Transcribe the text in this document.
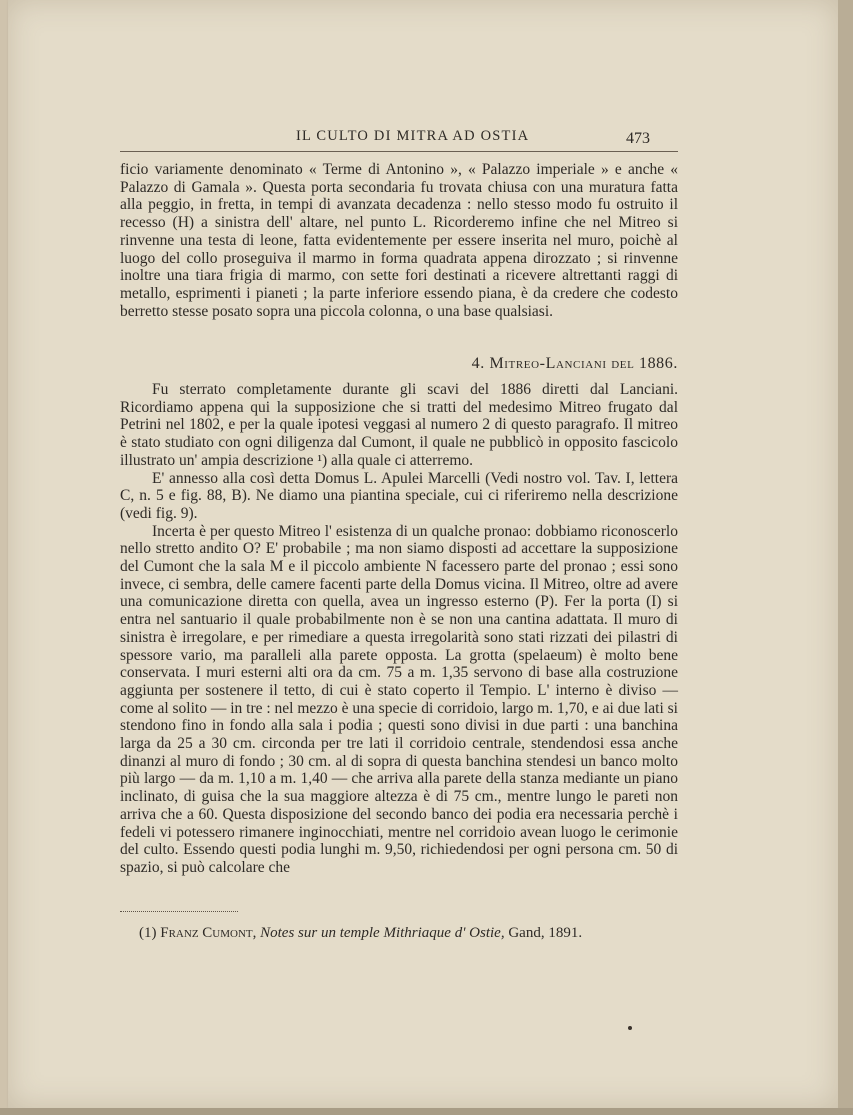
IL CULTO DI MITRA AD OSTIA	473

ficio variamente denominato « Terme di Antonino », « Palazzo imperiale » e anche « Palazzo di Gamala ». Questa porta secondaria fu trovata chiusa con una muratura fatta alla peggio, in fretta, in tempi di avanzata decadenza : nello stesso modo fu ostruito il recesso (H) a sinistra dell' altare, nel punto L. Ricorderemo infine che nel Mitreo si rinvenne una testa di leone, fatta evidentemente per essere inserita nel muro, poichè al luogo del collo proseguiva il marmo in forma quadrata appena dirozzato ; si rinvenne inoltre una tiara frigia di marmo, con sette fori destinati a ricevere altrettanti raggi di metallo, esprimenti i pianeti ; la parte inferiore essendo piana, è da credere che codesto berretto stesse posato sopra una piccola colonna, o una base qualsiasi.

4. Mitreo-Lanciani del 1886.

Fu sterrato completamente durante gli scavi del 1886 diretti dal Lanciani. Ricordiamo appena qui la supposizione che si tratti del medesimo Mitreo frugato dal Petrini nel 1802, e per la quale ipotesi veggasi al numero 2 di questo paragrafo. Il mitreo è stato studiato con ogni diligenza dal Cumont, il quale ne pubblicò in opposito fascicolo illustrato un' ampia descrizione ¹) alla quale ci atterremo.

E' annesso alla così detta Domus L. Apulei Marcelli (Vedi nostro vol. Tav. I, lettera C, n. 5 e fig. 88, B). Ne diamo una piantina speciale, cui ci riferiremo nella descrizione (vedi fig. 9).

Incerta è per questo Mitreo l' esistenza di un qualche pronao: dobbiamo riconoscerlo nello stretto andito O? E' probabile ; ma non siamo disposti ad accettare la supposizione del Cumont che la sala M e il piccolo ambiente N facessero parte del pronao ; essi sono invece, ci sembra, delle camere facenti parte della Domus vicina. Il Mitreo, oltre ad avere una comunicazione diretta con quella, avea un ingresso esterno (P). Fer la porta (I) si entra nel santuario il quale probabilmente non è se non una cantina adattata. Il muro di sinistra è irregolare, e per rimediare a questa irregolarità sono stati rizzati dei pilastri di spessore vario, ma paralleli alla parete opposta. La grotta (spelaeum) è molto bene conservata. I muri esterni alti ora da cm. 75 a m. 1,35 servono di base alla costruzione aggiunta per sostenere il tetto, di cui è stato coperto il Tempio. L' interno è diviso — come al solito — in tre : nel mezzo è una specie di corridoio, largo m. 1,70, e ai due lati si stendono fino in fondo alla sala i podia ; questi sono divisi in due parti : una banchina larga da 25 a 30 cm. circonda per tre lati il corridoio centrale, stendendosi essa anche dinanzi al muro di fondo ; 30 cm. al di sopra di questa banchina stendesi un banco molto più largo — da m. 1,10 a m. 1,40 — che arriva alla parete della stanza mediante un piano inclinato, di guisa che la sua maggiore altezza è di 75 cm., mentre lungo le pareti non arriva che a 60. Questa disposizione del secondo banco dei podia era necessaria perchè i fedeli vi potessero rimanere inginocchiati, mentre nel corridoio avean luogo le cerimonie del culto. Essendo questi podia lunghi m. 9,50, richiedendosi per ogni persona cm. 50 di spazio, si può calcolare che

(1) Franz Cumont, Notes sur un temple Mithriaque d' Ostie, Gand, 1891.
